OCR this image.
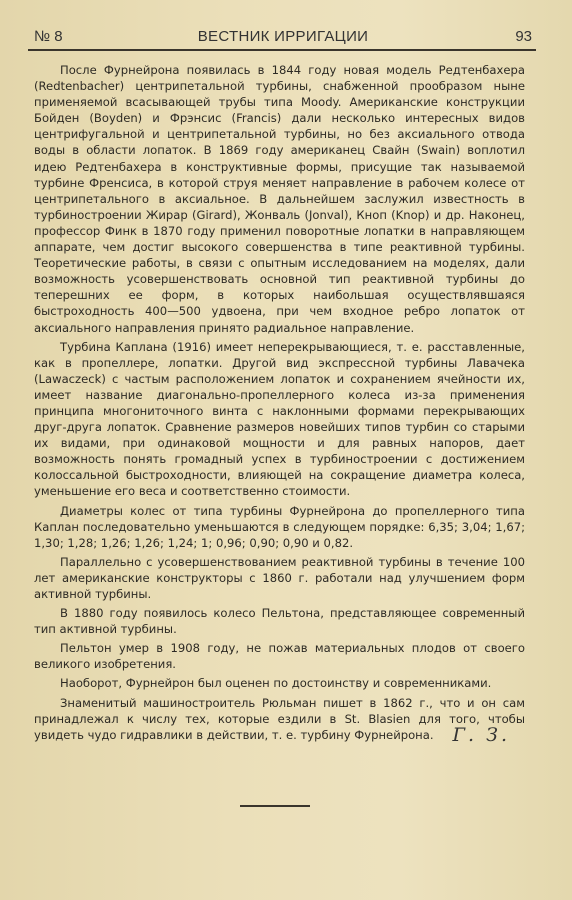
№ 8	ВЕСТНИК ИРРИГАЦИИ	93

После Фурнейрона появилась в 1844 году новая модель Редтенбахера (Redtenbacher) центрипетальной турбины, снабженной прообразом ныне применяемой всасывающей трубы типа Moody. Американские конструкции Бойден (Boyden) и Фрэнсис (Francis) дали несколько интересных видов центрифугальной и центрипетальной турбины, но без аксиального отвода воды в области лопаток. В 1869 году американец Свайн (Swain) воплотил идею Редтенбахера в конструктивные формы, присущие так называемой турбине Френсиса, в которой струя меняет направление в рабочем колесе от центрипетального в аксиальное. В дальнейшем заслужил известность в турбиностроении Жирар (Girard), Жонваль (Jonval), Кноп (Knop) и др. Наконец, профессор Финк в 1870 году применил поворотные лопатки в направляющем аппарате, чем достиг высокого совершенства в типе реактивной турбины. Теоретические работы, в связи с опытным исследованием на моделях, дали возможность усовершенствовать основной тип реактивной турбины до теперешних ее форм, в которых наибольшая осуществлявшаяся быстроходность 400—500 удвоена, при чем входное ребро лопаток от аксиального направления принято радиальное направление.

Турбина Каплана (1916) имеет неперекрывающиеся, т. е. расставленные, как в пропеллере, лопатки. Другой вид экспрессной турбины Лавачека (Lawaczeck) с частым расположением лопаток и сохранением ячейности их, имеет название диагонально-пропеллерного колеса из-за применения принципа многониточного винта с наклонными формами перекрывающих друг-друга лопаток. Сравнение размеров новейших типов турбин со старыми их видами, при одинаковой мощности и для равных напоров, дает возможность понять громадный успех в турбиностроении с достижением колоссальной быстроходности, влияющей на сокращение диаметра колеса, уменьшение его веса и соответственно стоимости.

Диаметры колес от типа турбины Фурнейрона до пропеллерного типа Каплан последовательно уменьшаются в следующем порядке: 6,35; 3,04; 1,67; 1,30; 1,28; 1,26; 1,26; 1,24; 1; 0,96; 0,90; 0,90 и 0,82.

Параллельно с усовершенствованием реактивной турбины в течение 100 лет американские конструкторы с 1860 г. работали над улучшением форм активной турбины.

В 1880 году появилось колесо Пельтона, представляющее современный тип активной турбины.

Пельтон умер в 1908 году, не пожав материальных плодов от своего великого изобретения.

Наоборот, Фурнейрон был оценен по достоинству и современниками.

Знаменитый машиностроитель Рюльман пишет в 1862 г., что и он сам принадлежал к числу тех, которые ездили в St. Blasien для того, чтобы увидеть чудо гидравлики в действии, т. е. турбину Фурнейрона. Г. З.
